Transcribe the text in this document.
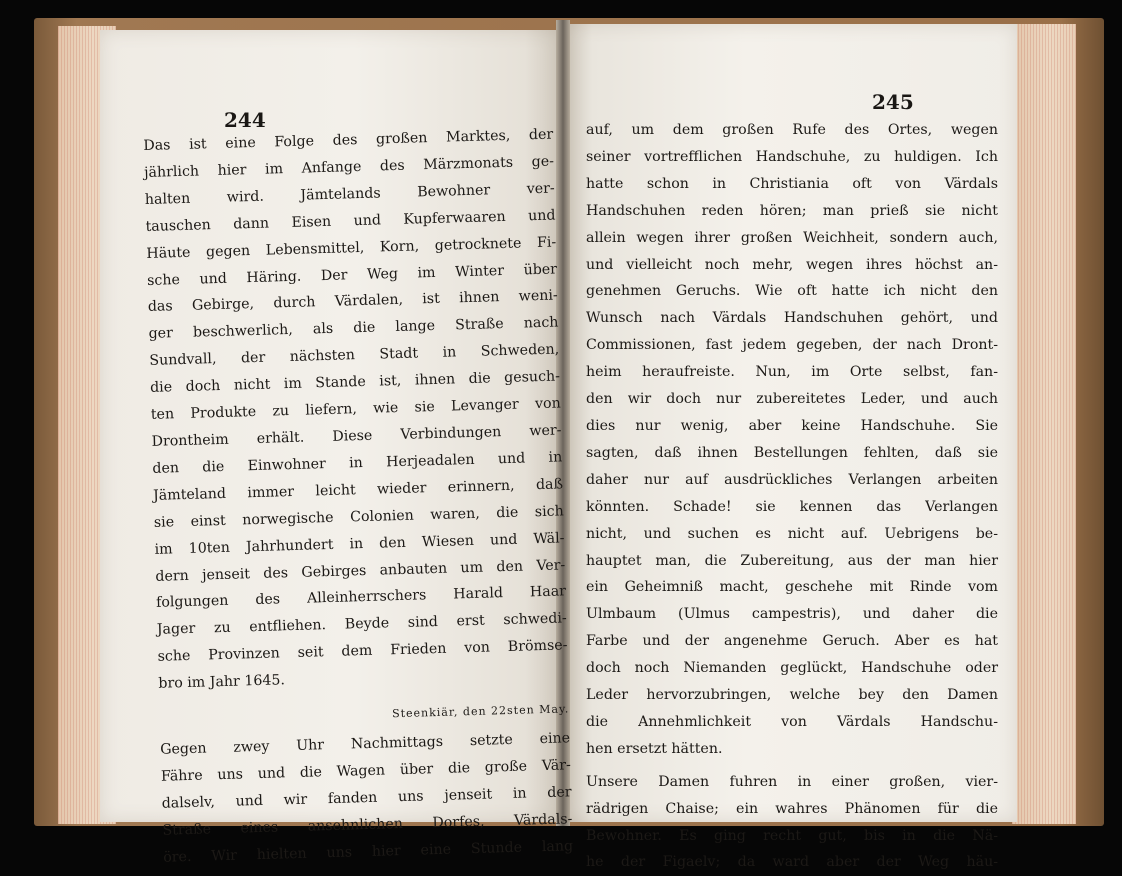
244
245
Das ist eine Folge des großen Marktes, der
jährlich hier im Anfange des Märzmonats ge-
halten wird. Jämtelands Bewohner ver-
tauschen dann Eisen und Kupferwaaren und
Häute gegen Lebensmittel, Korn, getrocknete Fi-
sche und Häring. Der Weg im Winter über
das Gebirge, durch Värdalen, ist ihnen weni-
ger beschwerlich, als die lange Straße nach
Sundvall, der nächsten Stadt in Schweden,
die doch nicht im Stande ist, ihnen die gesuch-
ten Produkte zu liefern, wie sie Levanger von
Drontheim erhält. Diese Verbindungen wer-
den die Einwohner in Herjeadalen und in
Jämteland immer leicht wieder erinnern, daß
sie einst norwegische Colonien waren, die sich
im 10ten Jahrhundert in den Wiesen und Wäl-
dern jenseit des Gebirges anbauten um den Ver-
folgungen des Alleinherrschers Harald Haar
Jager zu entfliehen. Beyde sind erst schwedi-
sche Provinzen seit dem Frieden von Brömse-
bro im Jahr 1645.
Steenkiär, den 22sten May.
Gegen zwey Uhr Nachmittags setzte eine
Fähre uns und die Wagen über die große Vär-
dalselv, und wir fanden uns jenseit in der
Straße eines ansehnlichen Dorfes, Värdals-
öre. Wir hielten uns hier eine Stunde lang
auf, um dem großen Rufe des Ortes, wegen
seiner vortrefflichen Handschuhe, zu huldigen. Ich
hatte schon in Christiania oft von Värdals
Handschuhen reden hören; man prieß sie nicht
allein wegen ihrer großen Weichheit, sondern auch,
und vielleicht noch mehr, wegen ihres höchst an-
genehmen Geruchs. Wie oft hatte ich nicht den
Wunsch nach Värdals Handschuhen gehört, und
Commissionen, fast jedem gegeben, der nach Dront-
heim heraufreiste. Nun, im Orte selbst, fan-
den wir doch nur zubereitetes Leder, und auch
dies nur wenig, aber keine Handschuhe. Sie
sagten, daß ihnen Bestellungen fehlten, daß sie
daher nur auf ausdrückliches Verlangen arbeiten
könnten. Schade! sie kennen das Verlangen
nicht, und suchen es nicht auf. Uebrigens be-
hauptet man, die Zubereitung, aus der man hier
ein Geheimniß macht, geschehe mit Rinde vom
Ulmbaum (Ulmus campestris), und daher die
Farbe und der angenehme Geruch. Aber es hat
doch noch Niemanden geglückt, Handschuhe oder
Leder hervorzubringen, welche bey den Damen
die Annehmlichkeit von Värdals Handschu-
hen ersetzt hätten.
Unsere Damen fuhren in einer großen, vier-
rädrigen Chaise; ein wahres Phänomen für die
Bewohner. Es ging recht gut, bis in die Nä-
he der Figaelv; da ward aber der Weg häu-
